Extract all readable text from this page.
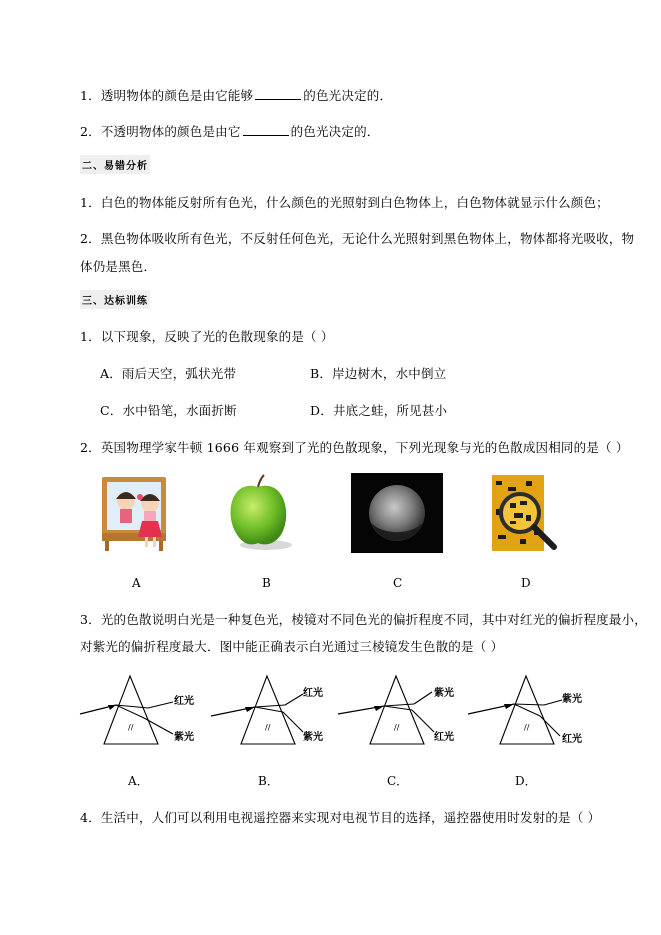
1．透明物体的颜色是由它能够	的色光决定的．
2．不透明物体的颜色是由它	的色光决定的．
二、易错分析
1．白色的物体能反射所有色光，什么颜色的光照射到白色物体上，白色物体就显示什么颜色；
2．黑色物体吸收所有色光，不反射任何色光，无论什么光照射到黑色物体上，物体都将光吸收，物
体仍是黑色．
三、达标训练
1．以下现象，反映了光的色散现象的是（ ）
A．雨后天空，弧状光带	B．岸边树木，水中倒立
C．水中铅笔，水面折断	D．井底之蛙，所见甚小
2．英国物理学家牛顿 1666 年观察到了光的色散现象，下列光现象与光的色散成因相同的是（ ）
A	B	C	D
3．光的色散说明白光是一种复色光，棱镜对不同色光的偏折程度不同，其中对红光的偏折程度最小，
对紫光的偏折程度最大．图中能正确表示白光通过三棱镜发生色散的是（ ）
//
红光
紫光
//
红光
紫光
//
紫光
红光
//
紫光
红光
A．	B．	C．	D．
4．生活中，人们可以利用电视遥控器来实现对电视节目的选择，遥控器使用时发射的是（ ）
